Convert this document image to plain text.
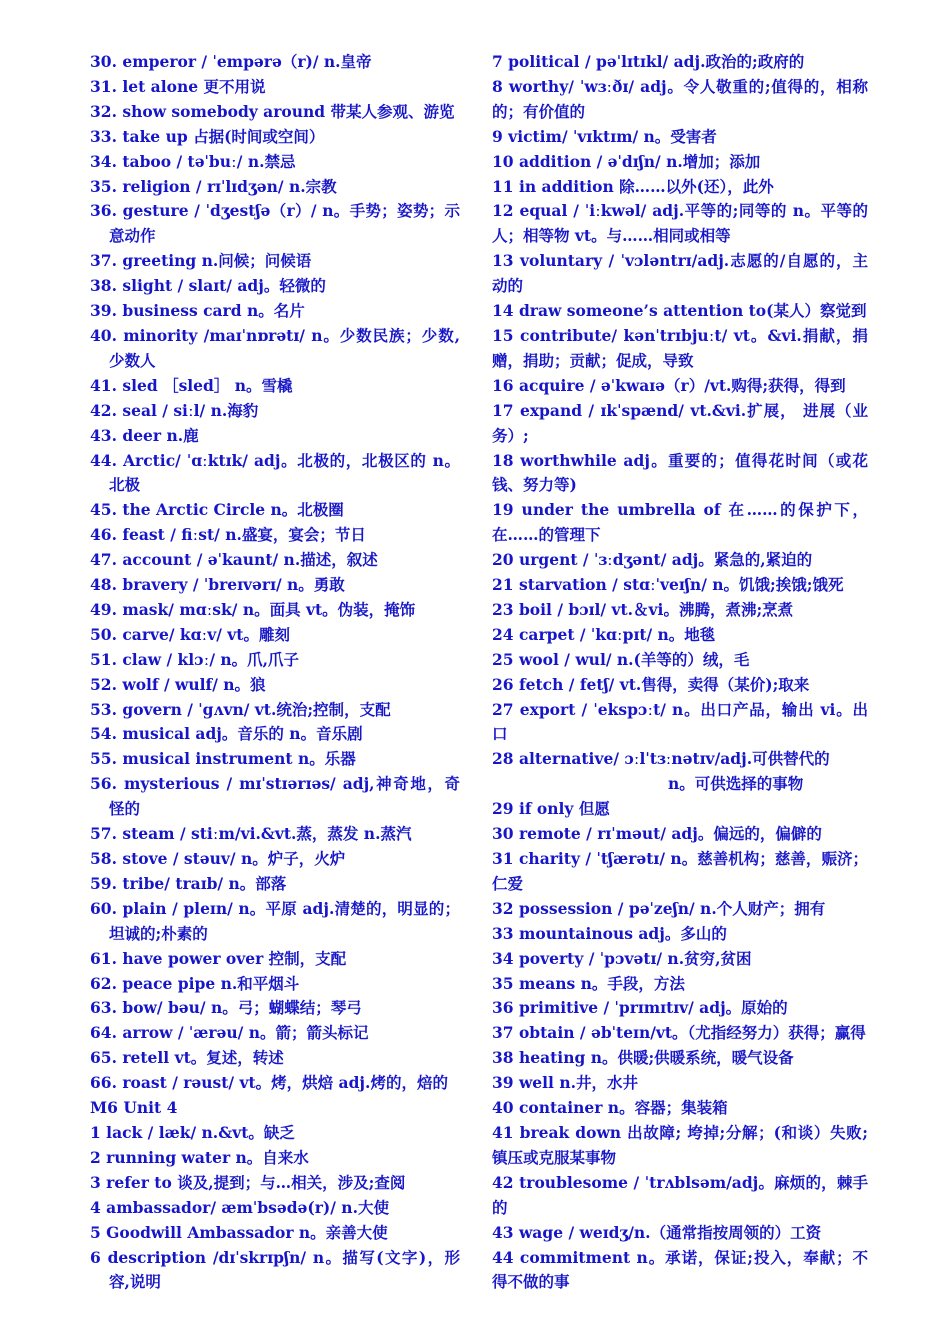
30. emperor / ˈempərə（r)/ n.皇帝
31. let alone 更不用说
32. show somebody around 带某人参观、游览
33. take up 占据(时间或空间）
34. taboo / təˈbuː/ n.禁忌
35. religion / rɪˈlɪdʒən/ n.宗教
36. gesture / ˈdʒestʃə（r）/ n。手势；姿势；示意动作
37. greeting n.问候；问候语
38. slight / slaɪt/ adj。轻微的
39. business card n。名片
40. minority /maɪˈnɒrətɪ/ n。少数民族；少数,少数人
41. sled ［sled］ n。雪橇
42. seal / siːl/ n.海豹
43. deer n.鹿
44. Arctic/ ˈɑːktɪk/ adj。北极的，北极区的 n。北极
45. the Arctic Circle n。北极圈
46. feast / fiːst/ n.盛宴，宴会；节日
47. account / əˈkaunt/ n.描述，叙述
48. bravery / ˈbreɪvərɪ/ n。勇敢
49. mask/ mɑːsk/ n。面具 vt。伪装，掩饰
50. carve/ kɑːv/ vt。雕刻
51. claw / klɔː/ n。爪,爪子
52. wolf / wulf/ n。狼
53. govern / ˈgʌvn/ vt.统治;控制，支配
54. musical adj。音乐的 n。音乐剧
55. musical instrument n。乐器
56. mysterious / mɪˈstɪərɪəs/ adj,神奇地，奇怪的
57. steam / stiːm/vi.&vt.蒸，蒸发 n.蒸汽
58. stove / stəuv/ n。炉子，火炉
59. tribe/ traɪb/ n。部落
60. plain / pleɪn/ n。平原 adj.清楚的，明显的；坦诚的;朴素的
61. have power over 控制，支配
62. peace pipe n.和平烟斗
63. bow/ bəu/ n。弓；蝴蝶结；琴弓
64. arrow / ˈærəu/ n。箭；箭头标记
65. retell vt。复述，转述
66. roast / rəust/ vt。烤，烘焙 adj.烤的，焙的
M6 Unit 4
1 lack / læk/ n.&vt。缺乏
2 running water n。自来水
3 refer to 谈及,提到；与…相关，涉及;查阅
4 ambassador/ æmˈbsədə(r)/ n.大使
5 Goodwill Ambassador n。亲善大使
6 description /dɪˈskrɪpʃn/ n。描写(文字)，形容,说明
7 political / pəˈlɪtɪkl/ adj.政治的;政府的
8 worthy/ ˈwɜːðɪ/ adj。令人敬重的;值得的，相称的；有价值的
9 victim/ ˈvɪktɪm/ n。受害者
10 addition / əˈdɪʃn/ n.增加；添加
11 in addition 除……以外(还），此外
12 equal / ˈiːkwəl/ adj.平等的;同等的 n。平等的人；相等物 vt。与……相同或相等
13 voluntary / ˈvɔləntrɪ/adj.志愿的/自愿的，主动的
14 draw someone’s attention to(某人）察觉到
15 contribute/ kənˈtrɪbjuːt/ vt。&vi.捐献，捐赠，捐助；贡献；促成，导致
16 acquire / əˈkwaɪə（r）/vt.购得;获得，得到
17 expand / ɪkˈspænd/ vt.&vi.扩展， 进展（业务）;
18 worthwhile adj。重要的；值得花时间（或花钱、努力等)
19 under the umbrella of 在……的保护下，在……的管理下
20 urgent / ˈɜːdʒənt/ adj。紧急的,紧迫的
21 starvation / stɑːˈveɪʃn/ n。饥饿;挨饿;饿死
23 boil / bɔɪl/ vt.＆vi。沸腾，煮沸;烹煮
24 carpet / ˈkɑːpɪt/ n。地毯
25 wool / wul/ n.(羊等的）绒，毛
26 fetch / fetʃ/ vt.售得，卖得（某价);取来
27 export / ˈekspɔːt/ n。出口产品，输出 vi。出口
28 alternative/ ɔːlˈtɜːnətɪv/adj.可供替代的
n。可供选择的事物
29 if only 但愿
30 remote / rɪˈməut/ adj。偏远的，偏僻的
31 charity / ˈtʃærətɪ/ n。慈善机构；慈善，赈济；仁爱
32 possession / pəˈzeʃn/ n.个人财产；拥有
33 mountainous adj。多山的
34 poverty / ˈpɔvətɪ/ n.贫穷,贫困
35 means n。手段，方法
36 primitive / ˈprɪmɪtɪv/ adj。原始的
37 obtain / əbˈteɪn/vt。（尤指经努力）获得；赢得
38 heating n。供暖;供暖系统，暖气设备
39 well n.井，水井
40 container n。容器；集装箱
41 break down 出故障; 垮掉;分解；(和谈）失败;镇压或克服某事物
42 troublesome / ˈtrʌblsəm/adj。麻烦的，棘手的
43 wage / weɪdʒ/n.（通常指按周领的）工资
44 commitment n。承诺，保证;投入，奉献；不得不做的事
